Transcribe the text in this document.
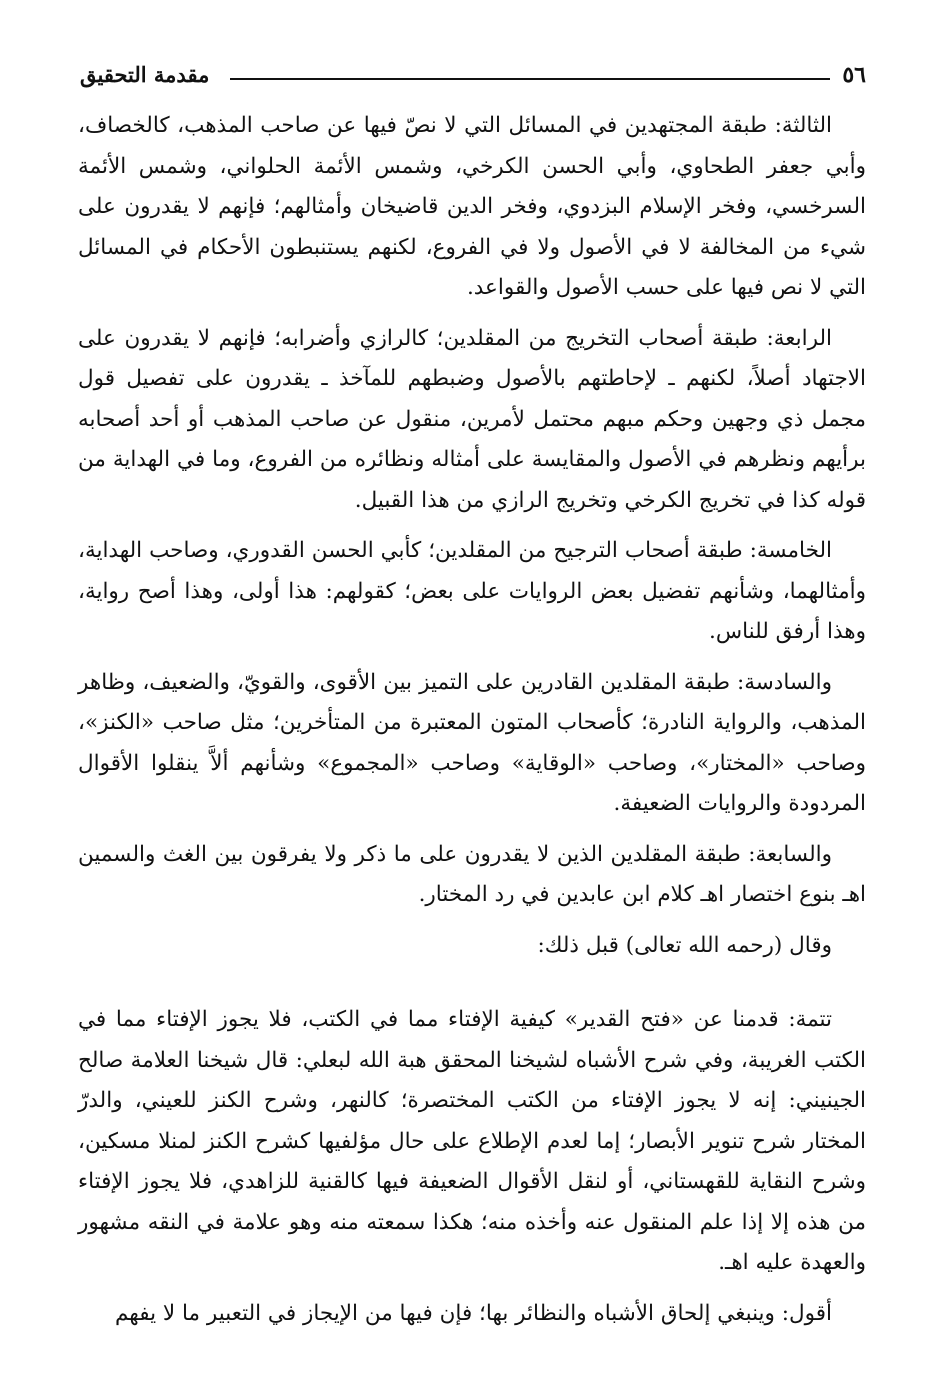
٥٦
مقدمة التحقيق

الثالثة: طبقة المجتهدين في المسائل التي لا نصّ فيها عن صاحب المذهب، كالخصاف، وأبي جعفر الطحاوي، وأبي الحسن الكرخي، وشمس الأئمة الحلواني، وشمس الأئمة السرخسي، وفخر الإسلام البزدوي، وفخر الدين قاضيخان وأمثالهم؛ فإنهم لا يقدرون على شيء من المخالفة لا في الأصول ولا في الفروع، لكنهم يستنبطون الأحكام في المسائل التي لا نص فيها على حسب الأصول والقواعد.

الرابعة: طبقة أصحاب التخريج من المقلدين؛ كالرازي وأضرابه؛ فإنهم لا يقدرون على الاجتهاد أصلاً، لكنهم ـ لإحاطتهم بالأصول وضبطهم للمآخذ ـ يقدرون على تفصيل قول مجمل ذي وجهين وحكم مبهم محتمل لأمرين، منقول عن صاحب المذهب أو أحد أصحابه برأيهم ونظرهم في الأصول والمقايسة على أمثاله ونظائره من الفروع، وما في الهداية من قوله كذا في تخريج الكرخي وتخريج الرازي من هذا القبيل.

الخامسة: طبقة أصحاب الترجيح من المقلدين؛ كأبي الحسن القدوري، وصاحب الهداية، وأمثالهما، وشأنهم تفضيل بعض الروايات على بعض؛ كقولهم: هذا أولى، وهذا أصح رواية، وهذا أرفق للناس.

والسادسة: طبقة المقلدين القادرين على التميز بين الأقوى، والقويّ، والضعيف، وظاهر المذهب، والرواية النادرة؛ كأصحاب المتون المعتبرة من المتأخرين؛ مثل صاحب «الكنز»، وصاحب «المختار»، وصاحب «الوقاية» وصاحب «المجموع» وشأنهم ألاَّ ينقلوا الأقوال المردودة والروايات الضعيفة.

والسابعة: طبقة المقلدين الذين لا يقدرون على ما ذكر ولا يفرقون بين الغث والسمين اهـ بنوع اختصار اهـ كلام ابن عابدين في رد المختار.

وقال (رحمه الله تعالى) قبل ذلك:

تتمة: قدمنا عن «فتح القدير» كيفية الإفتاء مما في الكتب، فلا يجوز الإفتاء مما في الكتب الغريبة، وفي شرح الأشباه لشيخنا المحقق هبة الله لبعلي: قال شيخنا العلامة صالح الجينيني: إنه لا يجوز الإفتاء من الكتب المختصرة؛ كالنهر، وشرح الكنز للعيني، والدرّ المختار شرح تنوير الأبصار؛ إما لعدم الإطلاع على حال مؤلفيها كشرح الكنز لمنلا مسكين، وشرح النقاية للقهستاني، أو لنقل الأقوال الضعيفة فيها كالقنية للزاهدي، فلا يجوز الإفتاء من هذه إلا إذا علم المنقول عنه وأخذه منه؛ هكذا سمعته منه وهو علامة في النقه مشهور والعهدة عليه اهـ.

أقول: وينبغي إلحاق الأشباه والنظائر بها؛ فإن فيها من الإيجاز في التعبير ما لا يفهم
